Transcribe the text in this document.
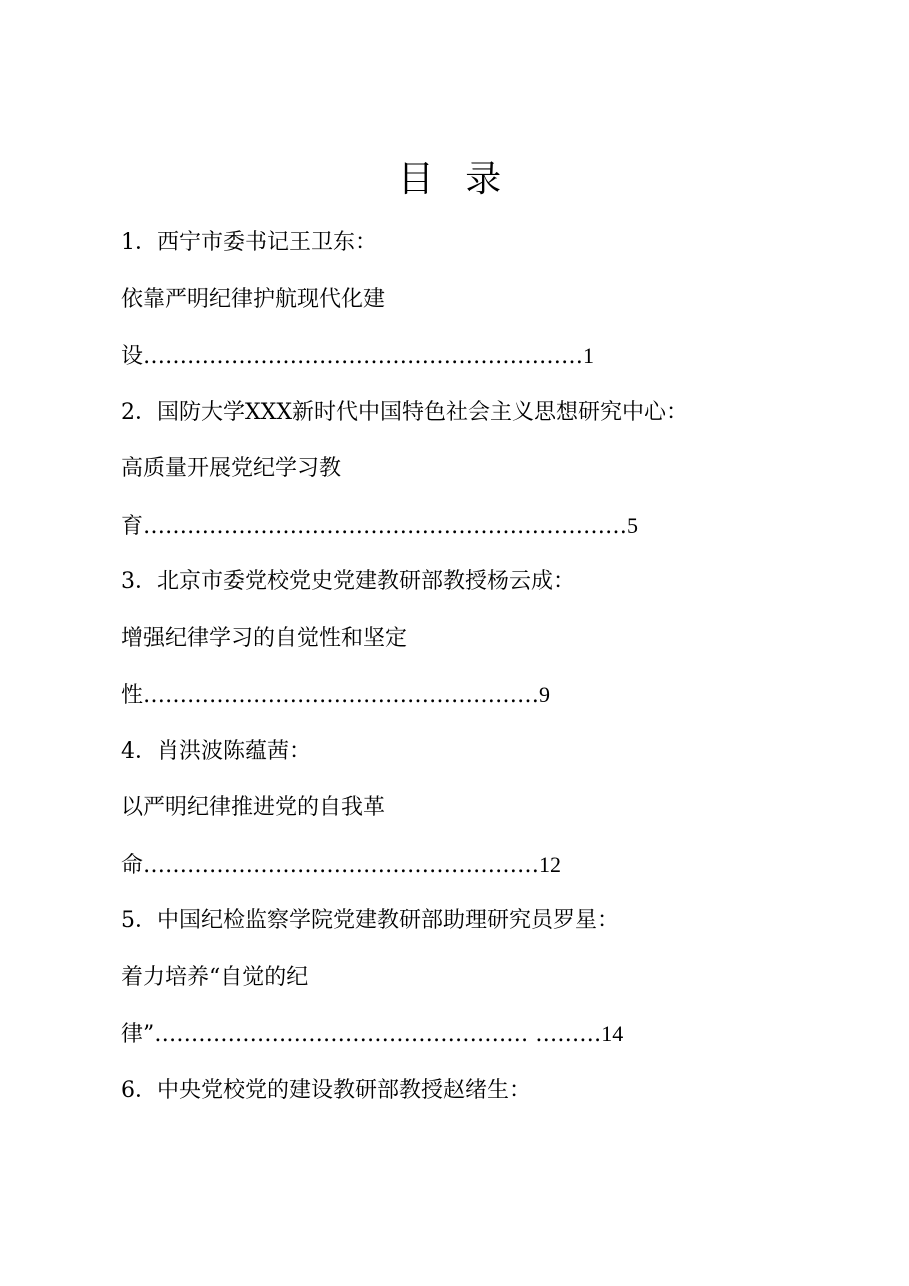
目 录
1．西宁市委书记王卫东：
依靠严明纪律护航现代化建
设……………………………………………………1
2．国防大学XXX新时代中国特色社会主义思想研究中心：
高质量开展党纪学习教
育…………………………………………………………5
3．北京市委党校党史党建教研部教授杨云成：
增强纪律学习的自觉性和坚定
性………………………………………………9
4．肖洪波陈蕴茜：
以严明纪律推进党的自我革
命………………………………………………12
5．中国纪检监察学院党建教研部助理研究员罗星：
着力培养“自觉的纪
律”…………………………………………… ………14
6．中央党校党的建设教研部教授赵绪生：
